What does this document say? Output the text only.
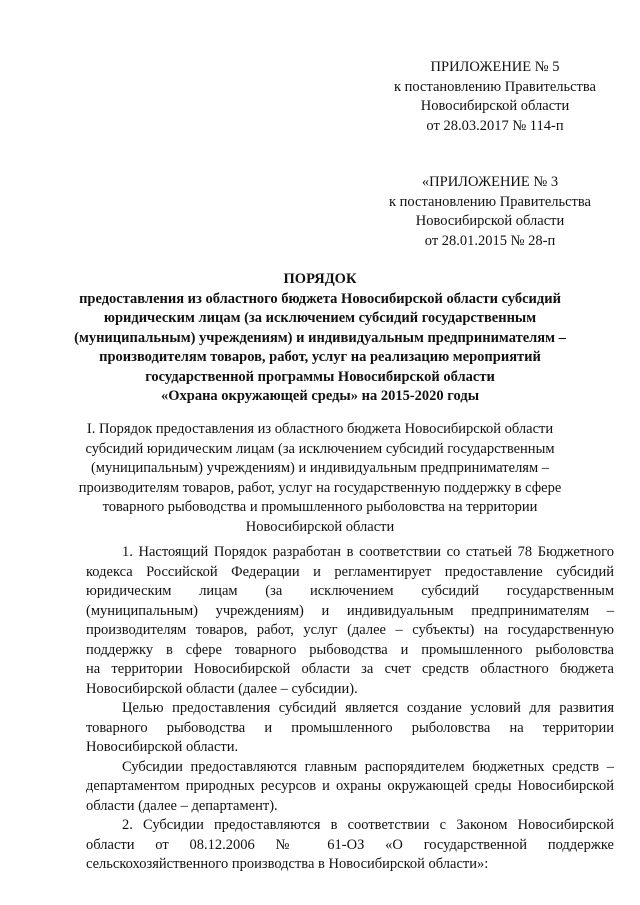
ПРИЛОЖЕНИЕ № 5
к постановлению Правительства
Новосибирской области
от 28.03.2017 № 114-п
«ПРИЛОЖЕНИЕ № 3
к постановлению Правительства
Новосибирской области
от 28.01.2015 № 28-п
ПОРЯДОК
предоставления из областного бюджета Новосибирской области субсидий
юридическим лицам (за исключением субсидий государственным
(муниципальным) учреждениям) и индивидуальным предпринимателям –
производителям товаров, работ, услуг на реализацию мероприятий
государственной программы Новосибирской области
«Охрана окружающей среды» на 2015-2020 годы
I. Порядок предоставления из областного бюджета Новосибирской области
субсидий юридическим лицам (за исключением субсидий государственным
(муниципальным) учреждениям) и индивидуальным предпринимателям –
производителям товаров, работ, услуг на государственную поддержку в сфере
товарного рыбоводства и промышленного рыболовства на территории
Новосибирской области
1. Настоящий Порядок разработан в соответствии со статьей 78 Бюджетного
кодекса Российской Федерации и регламентирует предоставление субсидий
юридическим лицам (за исключением субсидий государственным
(муниципальным) учреждениям) и индивидуальным предпринимателям –
производителям товаров, работ, услуг (далее – субъекты) на государственную
поддержку в сфере товарного рыбоводства и промышленного рыболовства
на территории Новосибирской области за счет средств областного бюджета
Новосибирской области (далее – субсидии).
Целью предоставления субсидий является создание условий для развития
товарного рыбоводства и промышленного рыболовства на территории
Новосибирской области.
Субсидии предоставляются главным распорядителем бюджетных средств –
департаментом природных ресурсов и охраны окружающей среды Новосибирской
области (далее – департамент).
2. Субсидии предоставляются в соответствии с Законом Новосибирской
области от 08.12.2006 № 61-ОЗ «О государственной поддержке
сельскохозяйственного производства в Новосибирской области»:
